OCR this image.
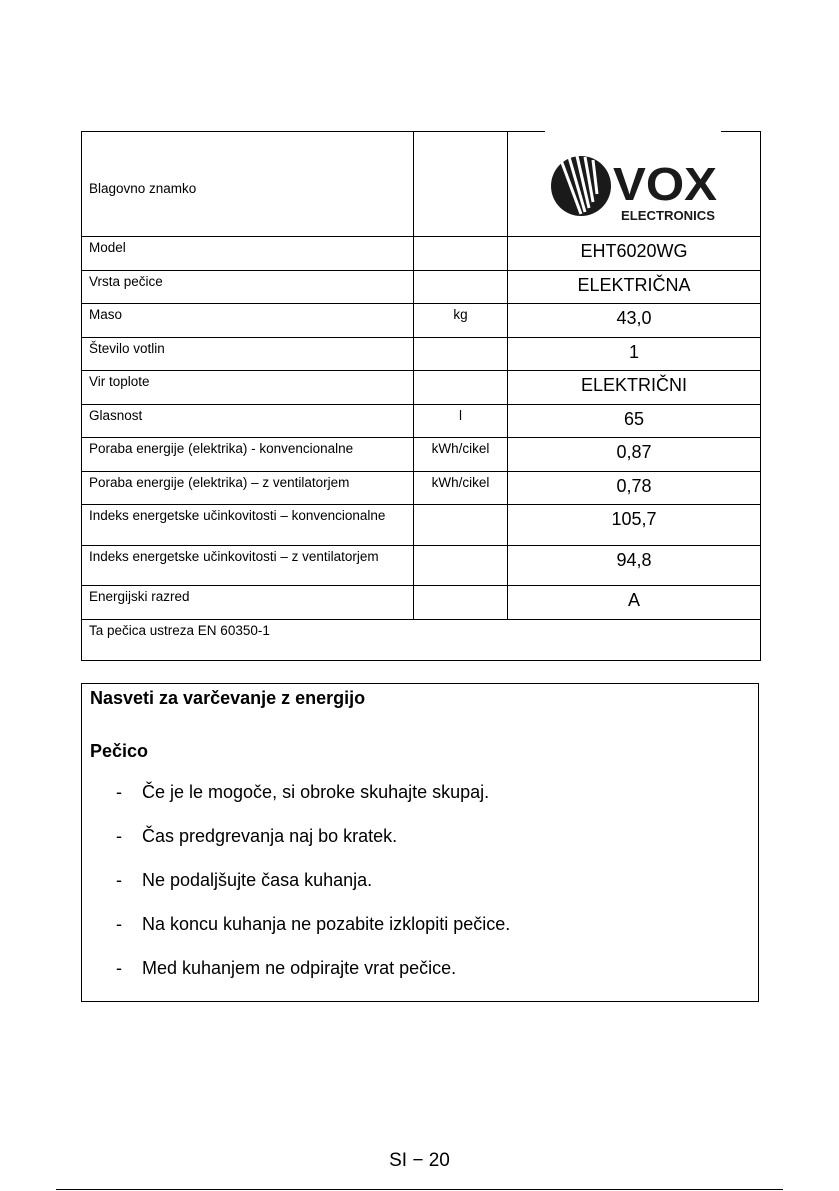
Blagovno znamko		VOX
ELECTRONICS

Model		EHT6020WG
Vrsta pečice		ELEKTRIČNA
Maso	kg	43,0
Število votlin		1
Vir toplote		ELEKTRIČNI
Glasnost	l	65
Poraba energije (elektrika) - konvencionalne	kWh/cikel	0,87
Poraba energije (elektrika) – z ventilatorjem	kWh/cikel	0,78
Indeks energetske učinkovitosti – konvencionalne		105,7
Indeks energetske učinkovitosti – z ventilatorjem		94,8
Energijski razred		A
Ta pečica ustreza EN 60350-1		
Nasveti za varčevanje z energijo
Pečico
- Če je le mogoče, si obroke skuhajte skupaj.
- Čas predgrevanja naj bo kratek.
- Ne podaljšujte časa kuhanja.
- Na koncu kuhanja ne pozabite izklopiti pečice.
- Med kuhanjem ne odpirajte vrat pečice.
SI − 20
